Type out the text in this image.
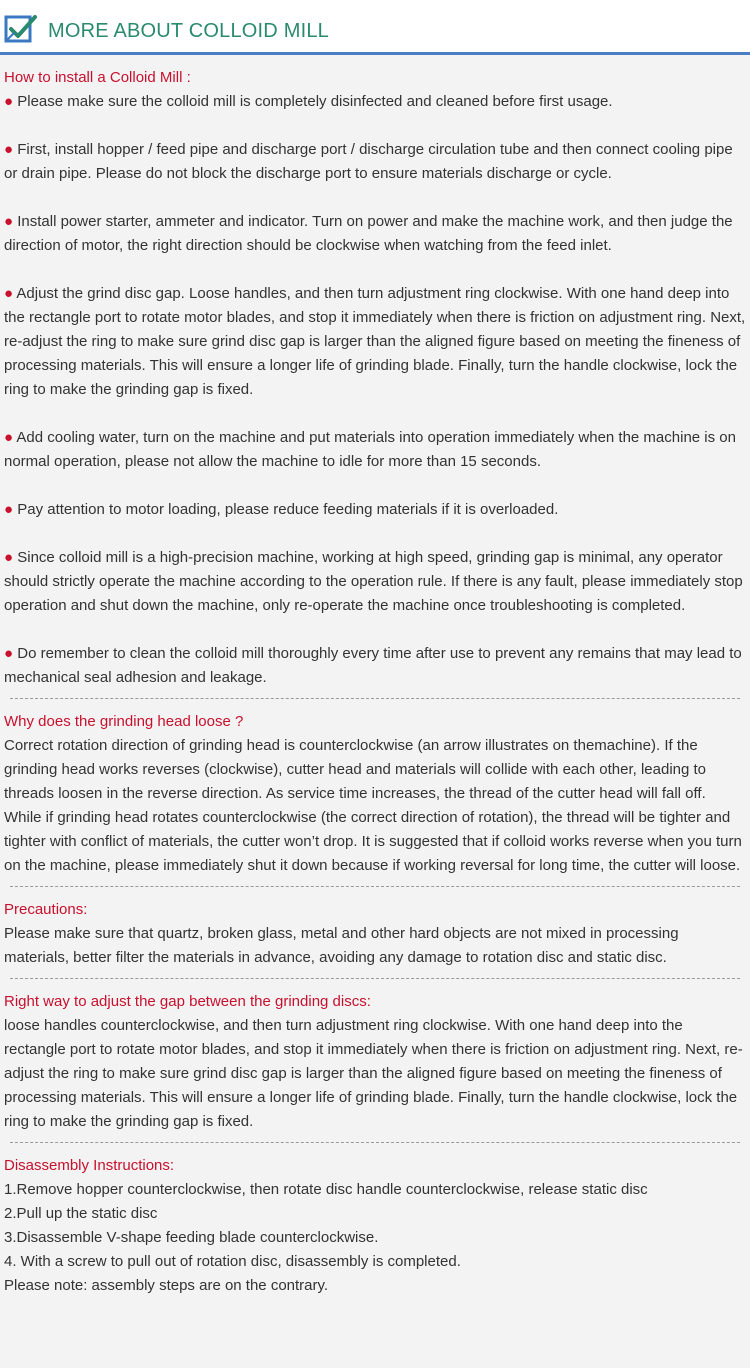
MORE ABOUT COLLOID MILL
How to install a Colloid Mill :

● Please make sure the colloid mill is completely disinfected and cleaned before first usage.

● First, install hopper / feed pipe and discharge port / discharge circulation tube and then connect cooling pipe or drain pipe. Please do not block the discharge port to ensure materials discharge or cycle.

● Install power starter, ammeter and indicator. Turn on power and make the machine work, and then judge the direction of motor, the right direction should be clockwise when watching from the feed inlet.

● Adjust the grind disc gap. Loose handles, and then turn adjustment ring clockwise. With one hand deep into the rectangle port to rotate motor blades, and stop it immediately when there is friction on adjustment ring. Next, re-adjust the ring to make sure grind disc gap is larger than the aligned figure based on meeting the fineness of processing materials. This will ensure a longer life of grinding blade. Finally, turn the handle clockwise, lock the ring to make the grinding gap is fixed.

● Add cooling water, turn on the machine and put materials into operation immediately when the machine is on normal operation, please not allow the machine to idle for more than 15 seconds.

● Pay attention to motor loading, please reduce feeding materials if it is overloaded.

● Since colloid mill is a high-precision machine, working at high speed, grinding gap is minimal, any operator should strictly operate the machine according to the operation rule. If there is any fault, please immediately stop operation and shut down the machine, only re-operate the machine once troubleshooting is completed.

● Do remember to clean the colloid mill thoroughly every time after use to prevent any remains that may lead to mechanical seal adhesion and leakage.

Why does the grinding head loose ?

Correct rotation direction of grinding head is counterclockwise (an arrow illustrates on themachine). If the grinding head works reverses (clockwise), cutter head and materials will collide with each other, leading to threads loosen in the reverse direction. As service time increases, the thread of the cutter head will fall off. While if grinding head rotates counterclockwise (the correct direction of rotation), the thread will be tighter and tighter with conflict of materials, the cutter won’t drop. It is suggested that if colloid works reverse when you turn on the machine, please immediately shut it down because if working reversal for long time, the cutter will loose.

Precautions:

Please make sure that quartz, broken glass, metal and other hard objects are not mixed in processing materials, better filter the materials in advance, avoiding any damage to rotation disc and static disc.

Right way to adjust the gap between the grinding discs:

loose handles counterclockwise, and then turn adjustment ring clockwise. With one hand deep into the rectangle port to rotate motor blades, and stop it immediately when there is friction on adjustment ring. Next, re-adjust the ring to make sure grind disc gap is larger than the aligned figure based on meeting the fineness of processing materials. This will ensure a longer life of grinding blade. Finally, turn the handle clockwise, lock the ring to make the grinding gap is fixed.

Disassembly Instructions:

1.Remove hopper counterclockwise, then rotate disc handle counterclockwise, release static disc

2.Pull up the static disc

3.Disassemble V-shape feeding blade counterclockwise.

4. With a screw to pull out of rotation disc, disassembly is completed.

Please note: assembly steps are on the contrary.
